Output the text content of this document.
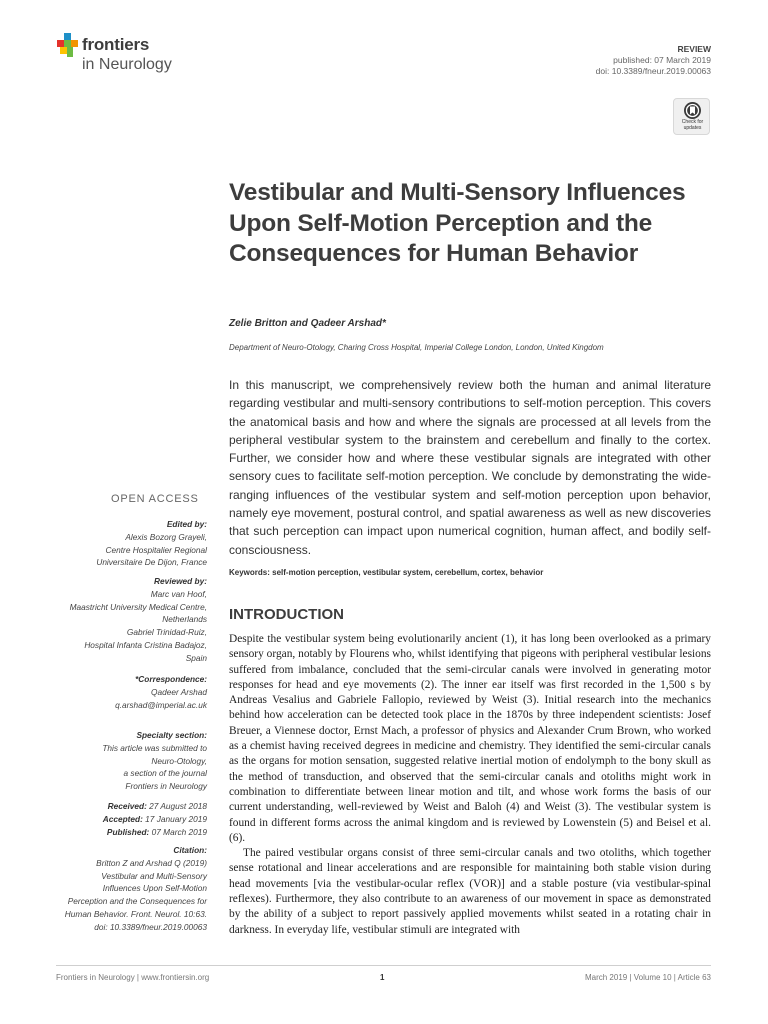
frontiers
in Neurology
REVIEW
published: 07 March 2019
doi: 10.3389/fneur.2019.00063
Check for
updates
Vestibular and Multi-Sensory Influences Upon Self-Motion Perception and the Consequences for Human Behavior
Zelie Britton and Qadeer Arshad*
Department of Neuro-Otology, Charing Cross Hospital, Imperial College London, London, United Kingdom

In this manuscript, we comprehensively review both the human and animal literature regarding vestibular and multi-sensory contributions to self-motion perception. This covers the anatomical basis and how and where the signals are processed at all levels from the peripheral vestibular system to the brainstem and cerebellum and finally to the cortex. Further, we consider how and where these vestibular signals are integrated with other sensory cues to facilitate self-motion perception. We conclude by demonstrating the wide-ranging influences of the vestibular system and self-motion perception upon behavior, namely eye movement, postural control, and spatial awareness as well as new discoveries that such perception can impact upon numerical cognition, human affect, and bodily self-consciousness.

Keywords: self-motion perception, vestibular system, cerebellum, cortex, behavior
INTRODUCTION

Despite the vestibular system being evolutionarily ancient (1), it has long been overlooked as a primary sensory organ, notably by Flourens who, whilst identifying that pigeons with peripheral vestibular lesions suffered from imbalance, concluded that the semi-circular canals were involved in generating motor responses for head and eye movements (2). The inner ear itself was first recorded in the 1,500 s by Andreas Vesalius and Gabriele Fallopio, reviewed by Weist (3). Initial research into the mechanics behind how acceleration can be detected took place in the 1870s by three independent scientists: Josef Breuer, a Viennese doctor, Ernst Mach, a professor of physics and Alexander Crum Brown, who worked as a chemist having received degrees in medicine and chemistry. They identified the semi-circular canals as the organs for motion sensation, suggested relative inertial motion of endolymph to the bony skull as the method of transduction, and observed that the semi-circular canals and otoliths might work in combination to differentiate between linear motion and tilt, and whose work forms the basis of our current understanding, well-reviewed by Weist and Baloh (4) and Weist (3). The vestibular system is found in different forms across the animal kingdom and is reviewed by Lowenstein (5) and Beisel et al. (6).

The paired vestibular organs consist of three semi-circular canals and two otoliths, which together sense rotational and linear accelerations and are responsible for maintaining both stable vision during head movements [via the vestibular-ocular reflex (VOR)] and a stable posture (via vestibular-spinal reflexes). Furthermore, they also contribute to an awareness of our movement in space as demonstrated by the ability of a subject to report passively applied movements whilst seated in a rotating chair in darkness. In everyday life, vestibular stimuli are integrated with

OPEN ACCESS
Edited by:
Alexis Bozorg Grayeli,
Centre Hospitalier Regional
Universitaire De Dijon, France
Reviewed by:
Marc van Hoof,
Maastricht University Medical Centre,
Netherlands
Gabriel Trinidad-Ruiz,
Hospital Infanta Cristina Badajoz,
Spain
*Correspondence:
Qadeer Arshad
q.arshad@imperial.ac.uk
Specialty section:
This article was submitted to
Neuro-Otology,
a section of the journal
Frontiers in Neurology
Received: 27 August 2018
Accepted: 17 January 2019
Published: 07 March 2019
Citation:
Britton Z and Arshad Q (2019)
Vestibular and Multi-Sensory
Influences Upon Self-Motion
Perception and the Consequences for
Human Behavior. Front. Neurol. 10:63.
doi: 10.3389/fneur.2019.00063
Frontiers in Neurology | www.frontiersin.org	1	March 2019 | Volume 10 | Article 63
